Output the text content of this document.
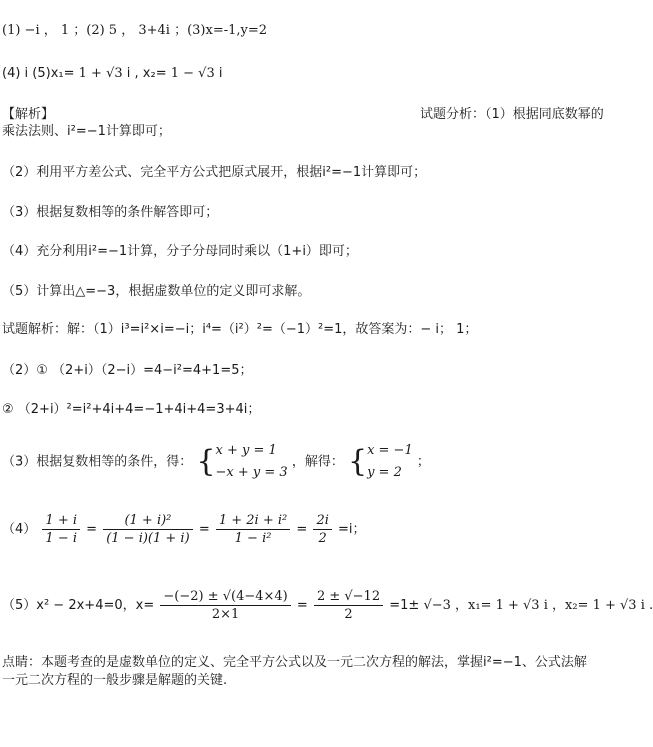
(1) −i ， 1 ；(2) 5 ， 3+4i ；(3)x=-1,y=2
(4) i (5)x₁= 1 + √3 i , x₂= 1 − √3 i
【解析】	试题分析：（1）根据同底数幂的
乘法法则、i²=−1计算即可；
（2）利用平方差公式、完全平方公式把原式展开，根据i²=−1计算即可；
（3）根据复数相等的条件解答即可；
（4）充分利用i²=−1计算，分子分母同时乘以（1+i）即可；
（5）计算出△=−3，根据虚数单位的定义即可求解。
试题解析：解：（1）i³=i²×i=−i；i⁴=（i²）²=（−1）²=1，故答案为：− i； 1；
（2）① （2+i）（2−i）=4−i²=4+1=5；
② （2+i）²=i²+4i+4=−1+4i+4=3+4i；
（3）根据复数相等的条件，得： { x + y = 1
−x + y = 3
，解得： { x = −1
y = 2
；
$(4) \frac{1 + i}{1 - i} = \frac{\text{(1 + i)²}}{(1 - i)(1 + i)} = \frac{\text{1 + 2i + i²}}{\text{1 − i²}} = \frac{2i}{2} =i$；
（5）x² − 2x+4=0，$x= \frac{-(-2) \pm √(4-4\times 4)}{2\times 1} = \frac{2 \pm √-12}{2} =1\pm √-3$ ，x₁= 1 + √3 i ，x₂= 1 + √3 i .
点睛：本题考查的是虚数单位的定义、完全平方公式以及一元二次方程的解法，掌握i²=−1、公式法解
一元二次方程的一般步骤是解题的关键.
